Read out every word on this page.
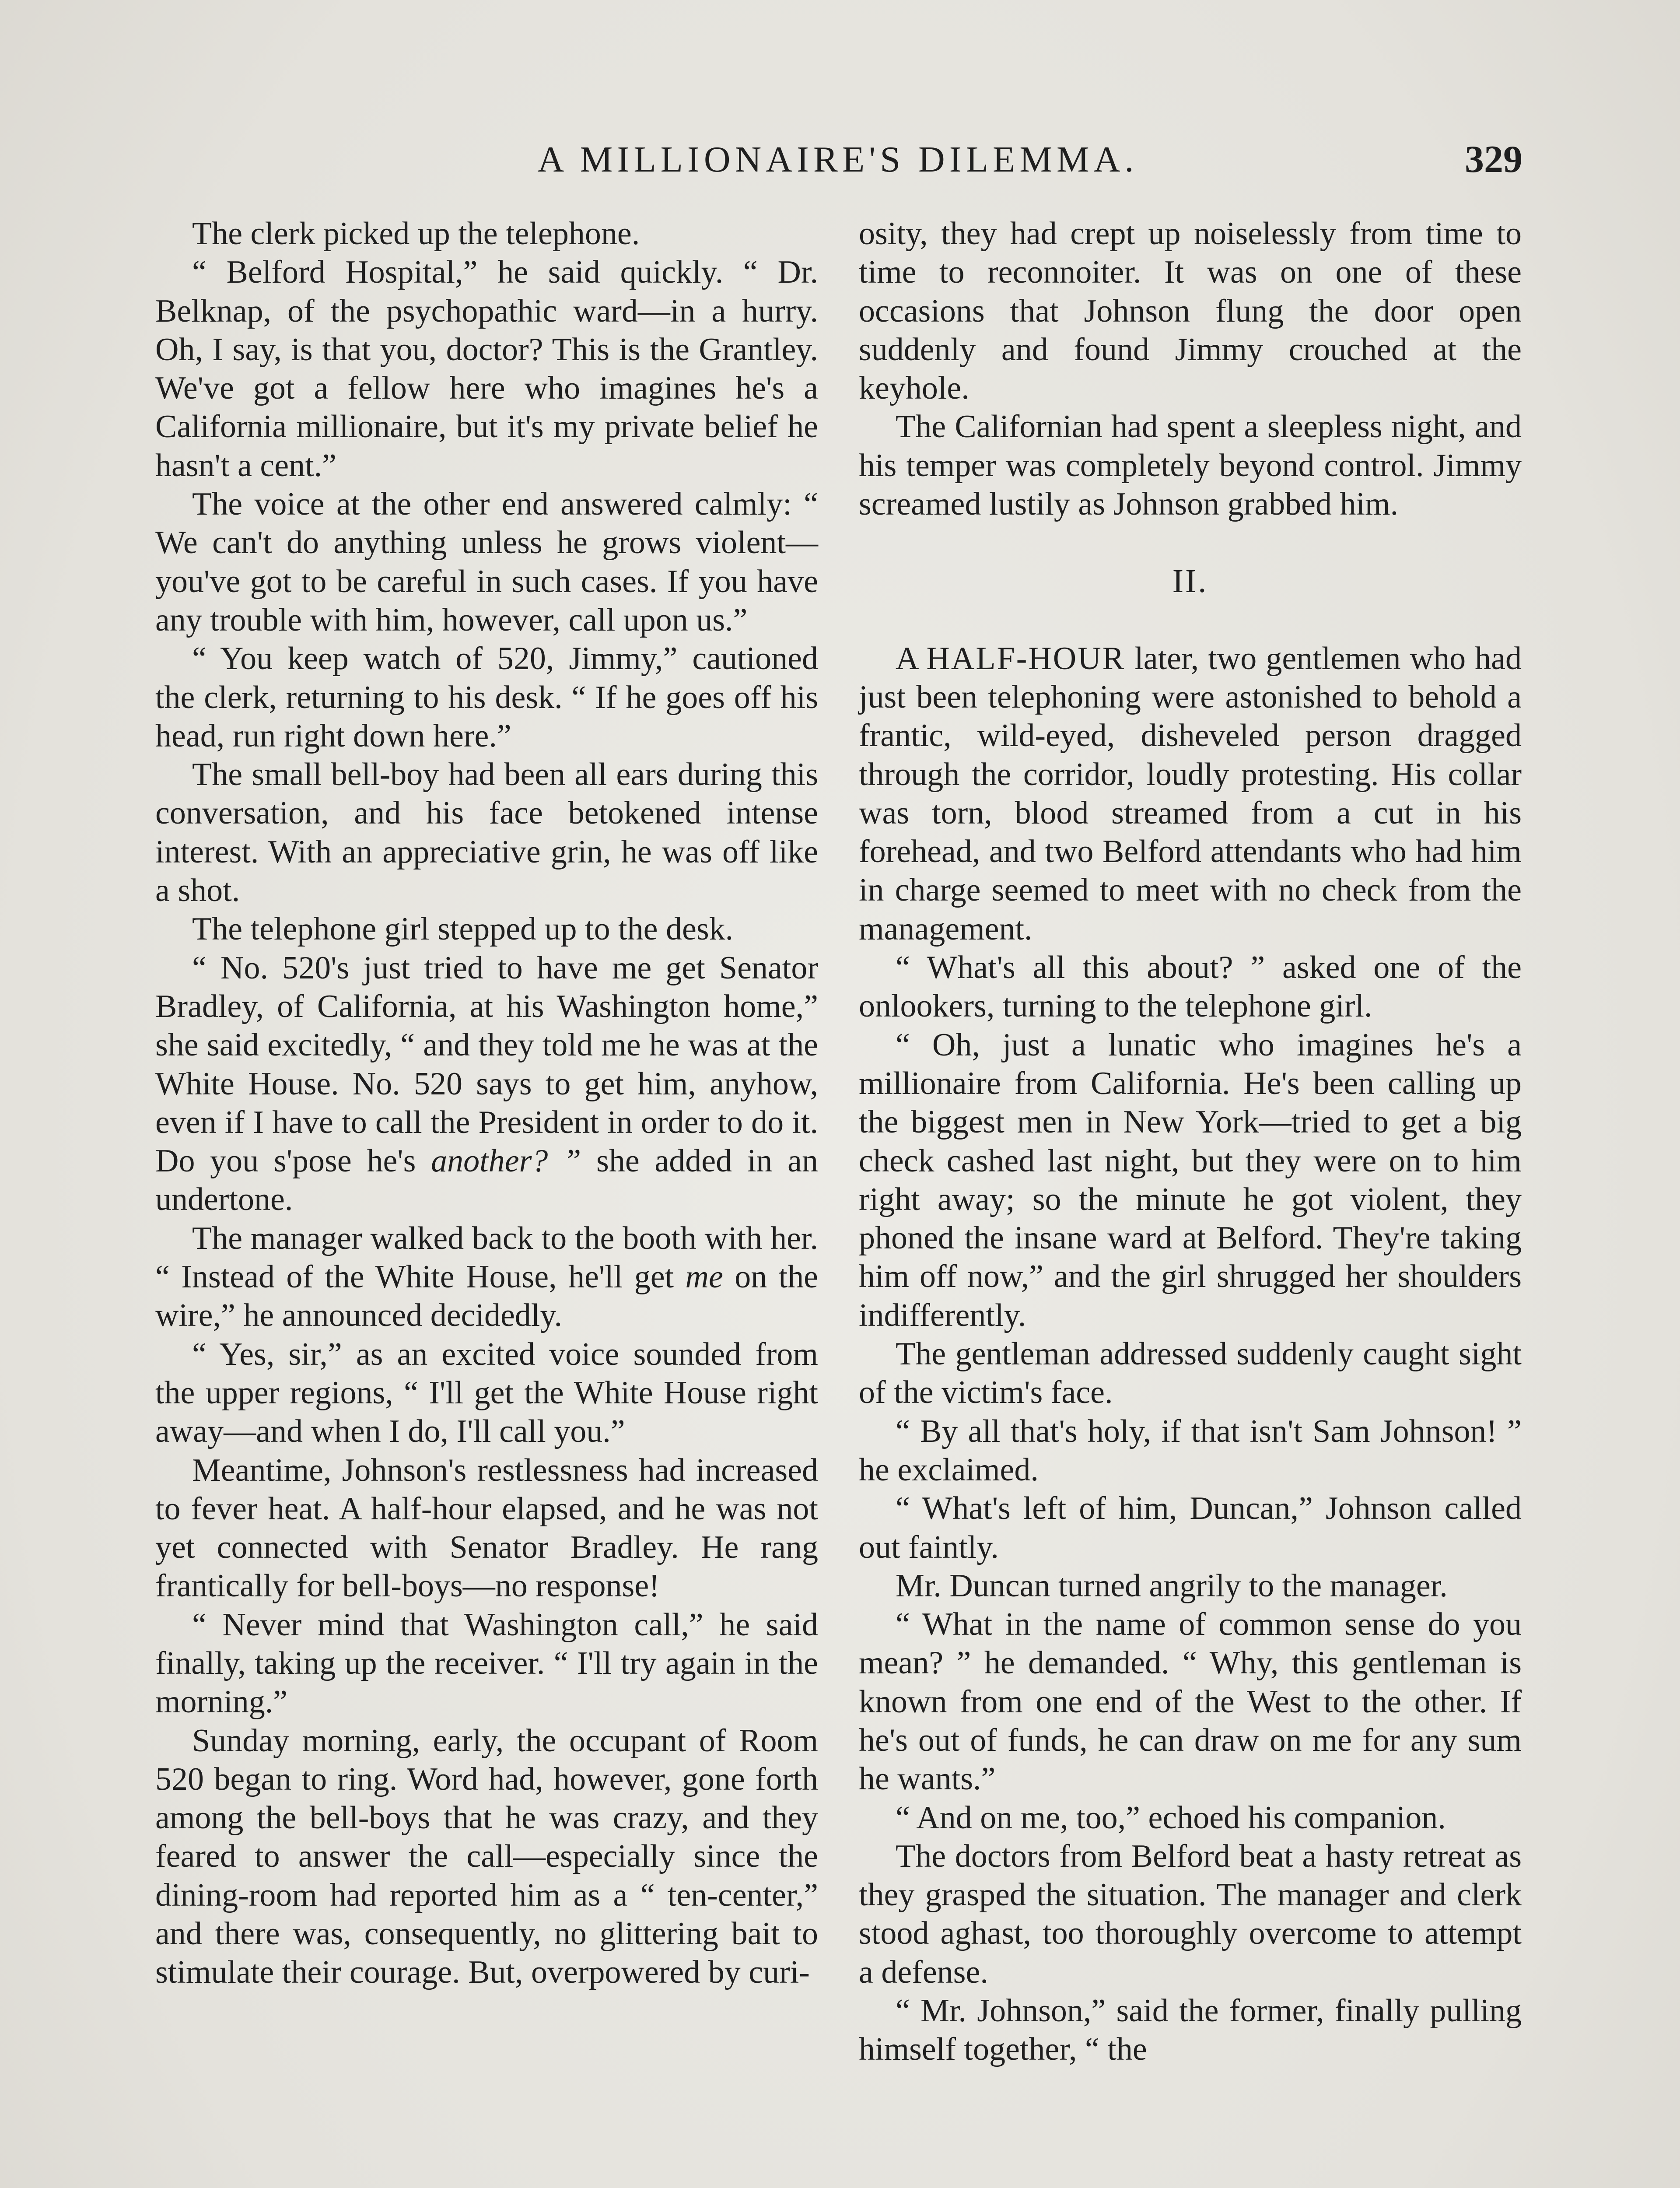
A MILLIONAIRE'S DILEMMA.	329

The clerk picked up the telephone.

“ Belford Hospital,” he said quickly. “ Dr. Belknap, of the psychopathic ward—in a hurry. Oh, I say, is that you, doctor? This is the Grantley. We've got a fellow here who imagines he's a California millionaire, but it's my private belief he hasn't a cent.”

The voice at the other end answered calmly: “ We can't do anything unless he grows violent—you've got to be careful in such cases. If you have any trouble with him, however, call upon us.”

“ You keep watch of 520, Jimmy,” cautioned the clerk, returning to his desk. “ If he goes off his head, run right down here.”

The small bell-boy had been all ears during this conversation, and his face betokened intense interest. With an appreciative grin, he was off like a shot.

The telephone girl stepped up to the desk.

“ No. 520's just tried to have me get Senator Bradley, of California, at his Washington home,” she said excitedly, “ and they told me he was at the White House. No. 520 says to get him, anyhow, even if I have to call the President in order to do it. Do you s'pose he's another? ” she added in an undertone.

The manager walked back to the booth with her. “ Instead of the White House, he'll get me on the wire,” he announced decidedly.

“ Yes, sir,” as an excited voice sounded from the upper regions, “ I'll get the White House right away—and when I do, I'll call you.”

Meantime, Johnson's restlessness had increased to fever heat. A half-hour elapsed, and he was not yet connected with Senator Bradley. He rang frantically for bell-boys—no response!

“ Never mind that Washington call,” he said finally, taking up the receiver. “ I'll try again in the morning.”

Sunday morning, early, the occupant of Room 520 began to ring. Word had, however, gone forth among the bell-boys that he was crazy, and they feared to answer the call—especially since the dining-room had reported him as a “ ten-center,” and there was, consequently, no glittering bait to stimulate their courage. But, overpowered by curi-

osity, they had crept up noiselessly from time to time to reconnoiter. It was on one of these occasions that Johnson flung the door open suddenly and found Jimmy crouched at the keyhole.

The Californian had spent a sleepless night, and his temper was completely beyond control. Jimmy screamed lustily as Johnson grabbed him.

II.

A HALF-HOUR later, two gentlemen who had just been telephoning were astonished to behold a frantic, wild-eyed, disheveled person dragged through the corridor, loudly protesting. His collar was torn, blood streamed from a cut in his forehead, and two Belford attendants who had him in charge seemed to meet with no check from the management.

“ What's all this about? ” asked one of the onlookers, turning to the telephone girl.

“ Oh, just a lunatic who imagines he's a millionaire from California. He's been calling up the biggest men in New York—tried to get a big check cashed last night, but they were on to him right away; so the minute he got violent, they phoned the insane ward at Belford. They're taking him off now,” and the girl shrugged her shoulders indifferently.

The gentleman addressed suddenly caught sight of the victim's face.

“ By all that's holy, if that isn't Sam Johnson! ” he exclaimed.

“ What's left of him, Duncan,” Johnson called out faintly.

Mr. Duncan turned angrily to the manager.

“ What in the name of common sense do you mean? ” he demanded. “ Why, this gentleman is known from one end of the West to the other. If he's out of funds, he can draw on me for any sum he wants.”

“ And on me, too,” echoed his companion.

The doctors from Belford beat a hasty retreat as they grasped the situation. The manager and clerk stood aghast, too thoroughly overcome to attempt a defense.

“ Mr. Johnson,” said the former, finally pulling himself together, “ the
